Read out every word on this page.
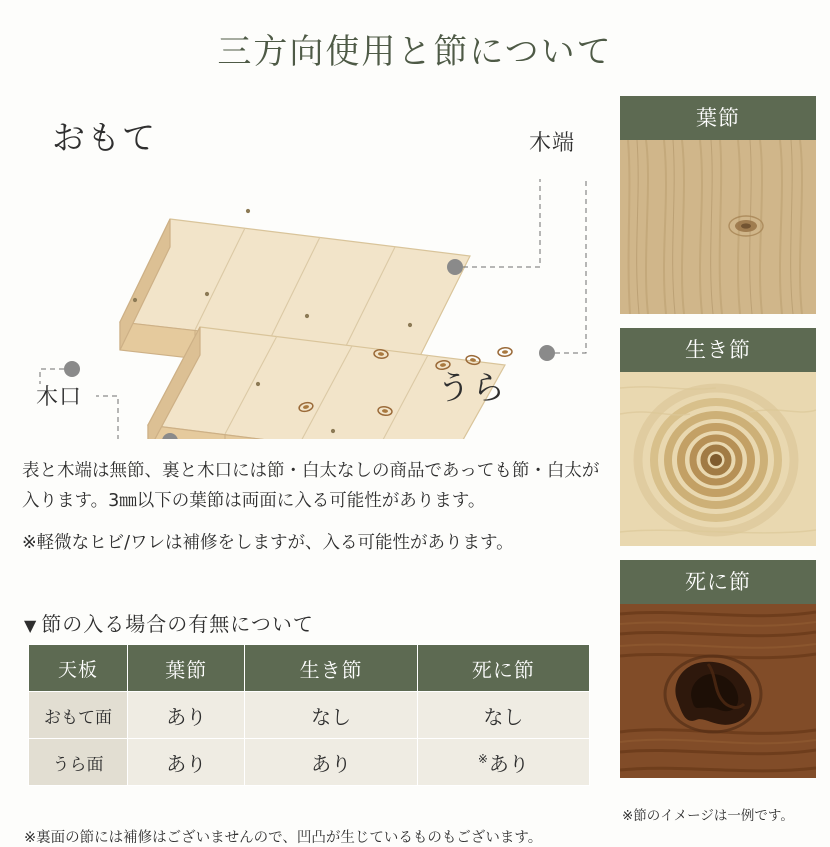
三方向使用と節について
おもて
うら
木端
木口

表と木端は無節、裏と木口には節・白太なしの商品であっても節・白太が入ります。3㎜以下の葉節は両面に入る可能性があります。

※軽微なヒビ/ワレは補修をしますが、入る可能性があります。

▼ 節の入る場合の有無について
天板	葉節	生き節	死に節
おもて面	あり	なし	なし
うら面	あり	あり	※あり
※裏面の節には補修はございませんので、凹凸が生じているものもございます。
葉節
生き節
死に節
※節のイメージは一例です。
